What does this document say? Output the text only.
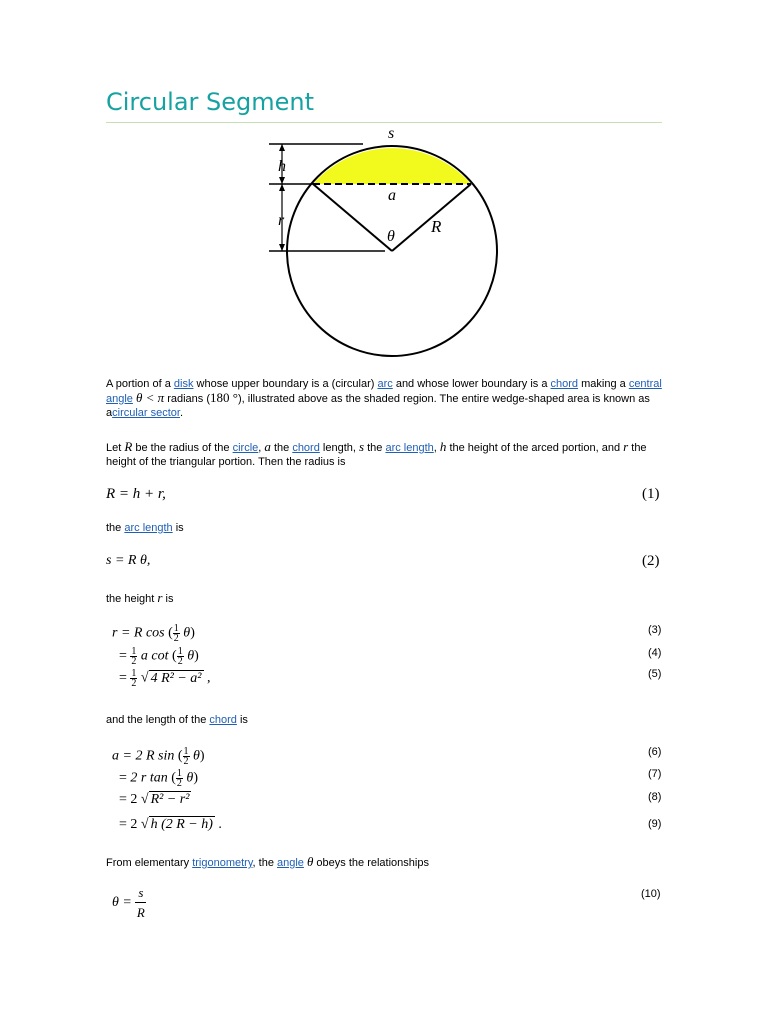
Circular Segment
s
h
r
a
θ
R

A portion of a disk whose upper boundary is a (circular) arc and whose lower boundary is a chord making a central angle θ < π radians (180 °), illustrated above as the shaded region. The entire wedge-shaped area is known as acircular sector.

Let R be the radius of the circle, a the chord length, s the arc length, h the height of the arced portion, and r the height of the triangular portion. Then the radius is

R = h + r,	(1)

the arc length is

s = R θ,	(2)

the height r is

r = R cos ( $\frac{1}{2} \theta$)	(3)
= $\frac{1}{2}$ a cot ( $\frac{1}{2} \theta$)	(4)
= $\frac{1}{2}$ √ 4 R² − a² ,	(5)

and the length of the chord is

a = 2 R sin ( $\frac{1}{2} \theta$)	(6)
= 2 r tan ( $\frac{1}{2} \theta$)	(7)
= 2 √ R² − r²	(8)
= 2 √ h (2 R − h) .	(9)

From elementary trigonometry, the angle θ obeys the relationships

$\theta = \frac{s}{R}$	(10)
